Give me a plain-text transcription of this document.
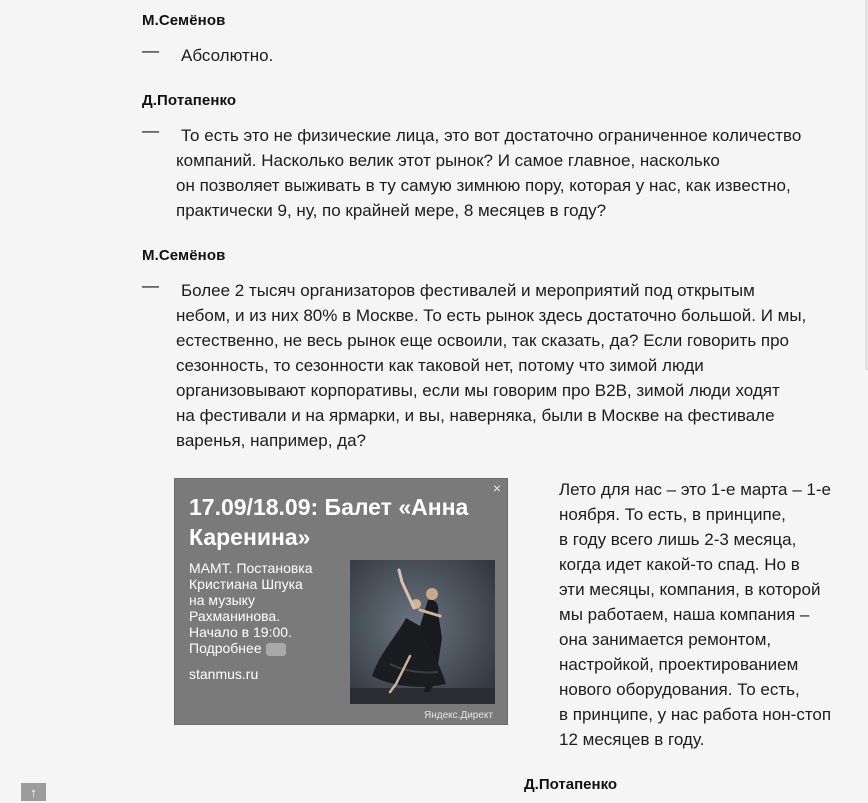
М.Семёнов
— Абсолютно.

Д.Потапенко
— То есть это не физические лица, это вот достаточно ограниченное количество
компаний. Насколько велик этот рынок? И самое главное, насколько
он позволяет выживать в ту самую зимнюю пору, которая у нас, как известно,
практически 9, ну, по крайней мере, 8 месяцев в году?

М.Семёнов
— Более 2 тысяч организаторов фестивалей и мероприятий под открытым
небом, и из них 80% в Москве. То есть рынок здесь достаточно большой. И мы,
естественно, не весь рынок еще освоили, так сказать, да? Если говорить про
сезонность, то сезонности как таковой нет, потому что зимой люди
организовывают корпоративы, если мы говорим про B2B, зимой люди ходят
на фестивали и на ярмарки, и вы, наверняка, были в Москве на фестивале
варенья, например, да?

×

17.09/18.09: Балет «Анна
Каренина»

МАМТ. Постановка
Кристиана Шпука
на музыку
Рахманинова.
Начало в 19:00.
Подробнее
stanmus.ru
Яндекс.Директ

Лето для нас – это 1-е марта – 1-е
ноября. То есть, в принципе,
в году всего лишь 2-3 месяца,
когда идет какой-то спад. Но в
эти месяцы, компания, в которой
мы работаем, наша компания –
она занимается ремонтом,
настройкой, проектированием
нового оборудования. То есть,
в принципе, у нас работа нон-стоп
12 месяцев в году.

Д.Потапенко
↑
